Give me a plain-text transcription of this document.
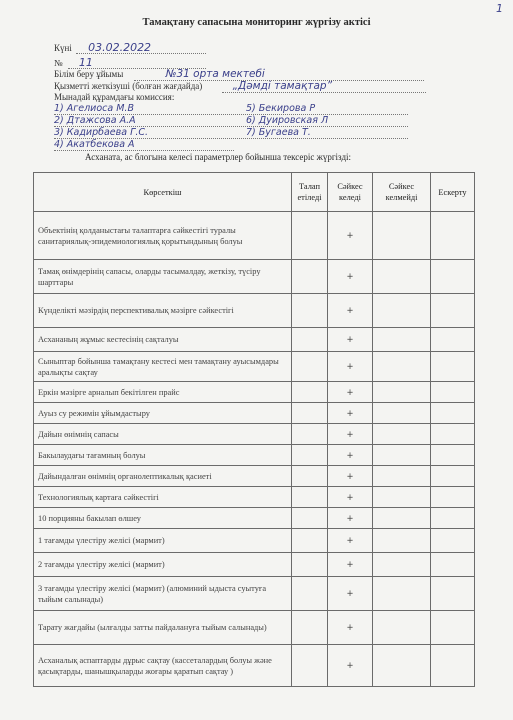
1
Тамақтану сапасына мониторинг жүргізу актісі
Күні 03.02.2022
№ 11
Білім беру ұйымы	№31 орта мектебі
Қызметті жеткізуші (болған жағдайда)	„Дәмді тамақтар”
Мынадай құрамдағы комиссия:
1) Агелиоса М.В	5) Бекирова Р
2) Дтажсова А.А	6) Дуировская Л
3) Кадирбаева Г.С.	7) Бугаева Т.
4) Акатбекова А
Асханата, ас блогына келесі параметрлер бойынша тексеріс жүргізді:
Көрсеткіш	Талап етіледі	Сәйкес келеді	Сәйкес келмейді	Ескерту
Объектінің қолданыстағы талаптарға сәйкестігі туралы санитариялық-эпидемиологиялық қорытындының болуы		+		
Тамақ өнімдерінің сапасы, оларды тасымалдау, жеткізу, түсіру шарттары		+		
Күнделікті мәзірдің перспективалық мәзірге сәйкестігі		+		
Асхананың жұмыс кестесінің сақталуы		+		
Сыныптар бойынша тамақтану кестесі мен тамақтану ауысымдары аралықты сақтау		+		
Еркін мәзірге арналып бекітілген прайс		+		
Ауыз су режимін ұйымдастыру		+		
Дайын өнімнің сапасы		+		
Бакылаудағы тағамның болуы		+		
Дайындалған өнімнің органолептикалық қасиеті		+		
Технологиялық картаға сәйкестігі		+		
10 порцияны бакылап өлшеу		+		
1 тағамды үлестіру желісі (мармит)		+		
2 тағамды үлестіру желісі (мармит)		+		
3 тағамды үлестіру желісі (мармит) (алюминий ыдыста суытуға тыйым салынады)		+		
Тарату жағдайы (ылғалды затты пайдалануға тыйым салынады)		+		
Асханалық аспаптарды дұрыс сақтау (кассеталардың болуы және қасықтарды, шанышқыларды жоғары қаратып сақтау )		+		
